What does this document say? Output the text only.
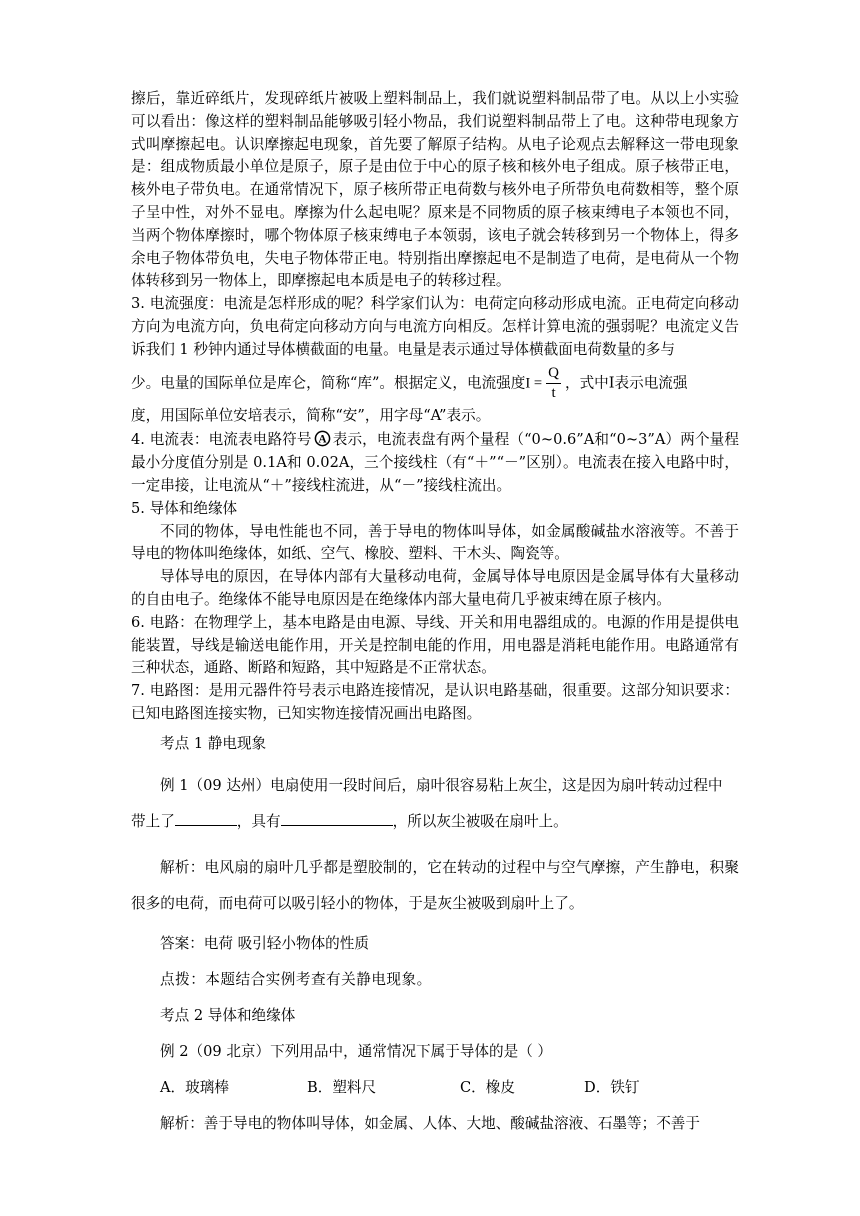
擦后，靠近碎纸片，发现碎纸片被吸上塑料制品上，我们就说塑料制品带了电。从以上小实验可以看出：像这样的塑料制品能够吸引轻小物品，我们说塑料制品带上了电。这种带电现象方式叫摩擦起电。认识摩擦起电现象，首先要了解原子结构。从电子论观点去解释这一带电现象是：组成物质最小单位是原子，原子是由位于中心的原子核和核外电子组成。原子核带正电，核外电子带负电。在通常情况下，原子核所带正电荷数与核外电子所带负电荷数相等，整个原子呈中性，对外不显电。摩擦为什么起电呢？原来是不同物质的原子核束缚电子本领也不同，当两个物体摩擦时，哪个物体原子核束缚电子本领弱，该电子就会转移到另一个物体上，得多余电子物体带负电，失电子物体带正电。特别指出摩擦起电不是制造了电荷，是电荷从一个物体转移到另一物体上，即摩擦起电本质是电子的转移过程。

3. 电流强度：电流是怎样形成的呢？科学家们认为：电荷定向移动形成电流。正电荷定向移动方向为电流方向，负电荷定向移动方向与电流方向相反。怎样计算电流的强弱呢？电流定义告诉我们 1 秒钟内通过导体横截面的电量。电量是表示通过导体横截面电荷数量的多与

少。电量的国际单位是库仑，简称“库”。根据定义，电流强度$I = \frac{Q}{t}$ ，式中I表示电流强

度，用国际单位安培表示，简称“安”，用字母“A”表示。

4. 电流表：电流表电路符号 A 表示，电流表盘有两个量程（“0~0.6”A和“0~3”A）两个量程最小分度值分别是 0.1A和 0.02A，三个接线柱（有“＋”“－”区别）。电流表在接入电路中时，一定串接，让电流从“＋”接线柱流进，从“－”接线柱流出。

5. 导体和绝缘体

不同的物体，导电性能也不同，善于导电的物体叫导体，如金属酸碱盐水溶液等。不善于导电的物体叫绝缘体，如纸、空气、橡胶、塑料、干木头、陶瓷等。

导体导电的原因，在导体内部有大量移动电荷，金属导体导电原因是金属导体有大量移动的自由电子。绝缘体不能导电原因是在绝缘体内部大量电荷几乎被束缚在原子核内。

6. 电路：在物理学上，基本电路是由电源、导线、开关和用电器组成的。电源的作用是提供电能装置，导线是输送电能作用，开关是控制电能的作用，用电器是消耗电能作用。电路通常有三种状态，通路、断路和短路，其中短路是不正常状态。

7. 电路图：是用元器件符号表示电路连接情况，是认识电路基础，很重要。这部分知识要求：已知电路图连接实物，已知实物连接情况画出电路图。

考点 1 静电现象

例 1（09 达州）电扇使用一段时间后，扇叶很容易粘上灰尘，这是因为扇叶转动过程中

带上了	，具有	，所以灰尘被吸在扇叶上。

解析：电风扇的扇叶几乎都是塑胶制的，它在转动的过程中与空气摩擦，产生静电，积聚很多的电荷，而电荷可以吸引轻小的物体，于是灰尘被吸到扇叶上了。

答案：电荷 吸引轻小物体的性质

点拨：本题结合实例考查有关静电现象。

考点 2 导体和绝缘体

例 2（09 北京）下列用品中，通常情况下属于导体的是（ ）

A．玻璃棒	B．塑料尺	C．橡皮	D．铁钉

解析：善于导电的物体叫导体，如金属、人体、大地、酸碱盐溶液、石墨等；不善于
